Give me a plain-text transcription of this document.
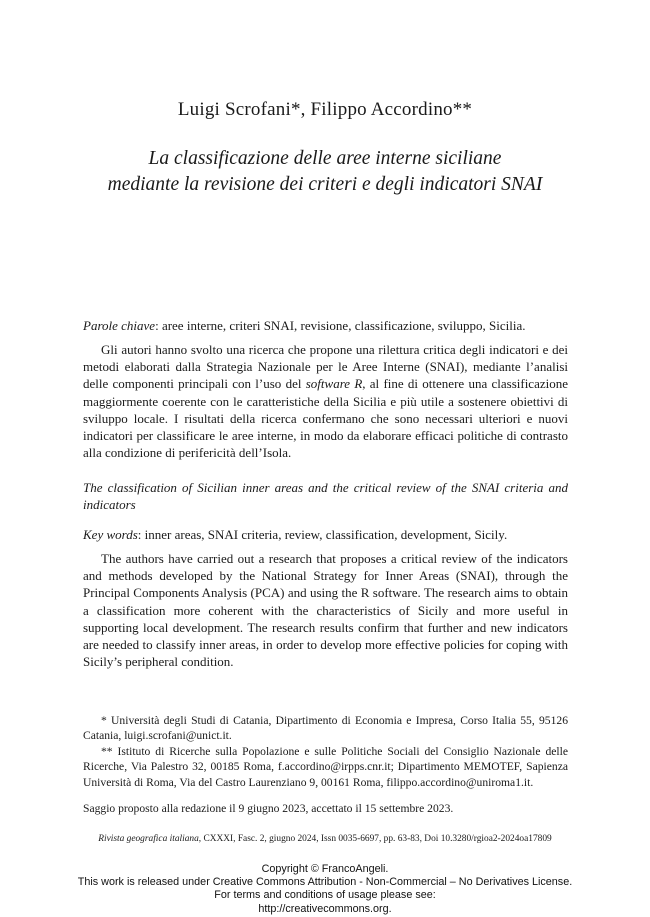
Luigi Scrofani*, Filippo Accordino**
La classificazione delle aree interne siciliane
mediante la revisione dei criteri e degli indicatori SNAI
Parole chiave: aree interne, criteri SNAI, revisione, classificazione, sviluppo, Sicilia.
Gli autori hanno svolto una ricerca che propone una rilettura critica degli indicatori e dei metodi elaborati dalla Strategia Nazionale per le Aree Interne (SNAI), mediante l’analisi delle componenti principali con l’uso del software R, al fine di ottenere una classificazione maggiormente coerente con le caratteristiche della Sicilia e più utile a sostenere obiettivi di sviluppo locale. I risultati della ricerca confermano che sono necessari ulteriori e nuovi indicatori per classificare le aree interne, in modo da elaborare efficaci politiche di contrasto alla condizione di perifericità dell’Isola.
The classification of Sicilian inner areas and the critical review of the SNAI criteria and indicators
Key words: inner areas, SNAI criteria, review, classification, development, Sicily.
The authors have carried out a research that proposes a critical review of the indicators and methods developed by the National Strategy for Inner Areas (SNAI), through the Principal Components Analysis (PCA) and using the R software. The research aims to obtain a classification more coherent with the characteristics of Sicily and more useful in supporting local development. The research results confirm that further and new indicators are needed to classify inner areas, in order to develop more effective policies for coping with Sicily’s peripheral condition.

* Università degli Studi di Catania, Dipartimento di Economia e Impresa, Corso Italia 55, 95126 Catania, luigi.scrofani@unict.it.

** Istituto di Ricerche sulla Popolazione e sulle Politiche Sociali del Consiglio Nazionale delle Ricerche, Via Palestro 32, 00185 Roma, f.accordino@irpps.cnr.it; Dipartimento MEMOTEF, Sapienza Università di Roma, Via del Castro Laurenziano 9, 00161 Roma, filippo.accordino@uniroma1.it.

Saggio proposto alla redazione il 9 giugno 2023, accettato il 15 settembre 2023.
Rivista geografica italiana, CXXXI, Fasc. 2, giugno 2024, Issn 0035-6697, pp. 63-83, Doi 10.3280/rgioa2-2024oa17809
Copyright © FrancoAngeli.
This work is released under Creative Commons Attribution - Non-Commercial – No Derivatives License.
For terms and conditions of usage please see:
http://creativecommons.org.
